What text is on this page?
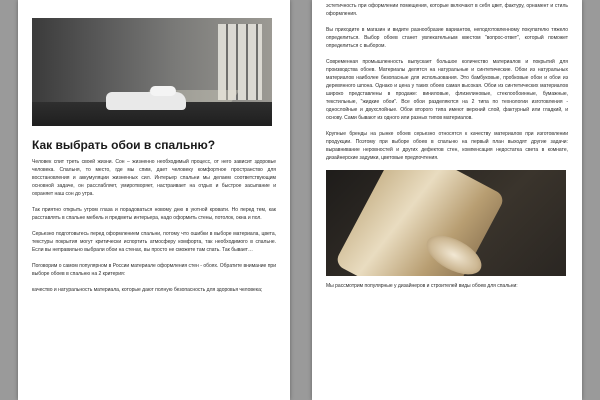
Как выбрать обои в спальню?

Человек спит треть своей жизни. Сон – жизненно необходимый процесс, от него зависит здоровье человека. Спальня, то место, где мы спим, дает человеку комфортное пространство для восстановления и аккумуляции жизненных сил. Интерьер спальни мы делаем соответствующим основной задаче, он расслабляет, умиротворяет, настраивает на отдых и быстрое засыпание и охраняет наш сон до утра.

Так приятно открыть утром глаза и порадоваться новому дню в уютной кровати. Но перед тем, как расставлять в спальне мебель и предметы интерьера, надо оформить стены, потолок, окна и пол.

Серьезно подготовьтесь перед оформлением спальни, потому что ошибки в выборе материала, цвета, текстуры покрытия могут критически испортить атмосферу комфорта, так необходимого в спальне. Если вы неправильно выбрали обои на стенах, вы просто не сможете там спать. Так бывает…

Поговорим о самом популярном в России материале оформления стен - обоях. Обратите внимание при выборе обоев в спальню на 2 критерия:

качество и натуральность материала, которые дают полную безопасность для здоровья человека;

эстетичность при оформлении помещения, которые включают в себя цвет, фактуру, орнамент и стиль оформления.

Вы приходите в магазин и видите разнообразие вариантов, неподготовленному покупателю тяжело определиться. Выбор обоев станет увлекательным квестом "вопрос-ответ", который поможет определиться с выбором.

Современная промышленность выпускает большое количество материалов и покрытий для производства обоев. Материалы делятся на натуральные и синтетические. Обои из натуральных материалов наиболее безопасные для использования. Это бамбуковые, пробковые обои и обои из деревянного шпона. Однако и цена у таких обоев самая высокая. Обои из синтетических материалов широко представлены в продаже: виниловые, флизелиновые, стеклообоинные, бумажные, текстильные, "жидкие обои". Все обои разделяются на 2 типа по технологии изготовления - однослойные и двухслойные. Обои второго типа имеют верхний слой, фактурный или гладкий, и основу. Сами бывают из одного или разных типов материалов.

Крупные бренды на рынке обоев серьезно относятся к качеству материалов при изготовлении продукции. Поэтому при выборе обоев в спальню на первый план выходят другие задачи: выравнивание неровностей и других дефектов стен, компенсация недостатка света в комнате, дизайнерские задумки, цветовые предпочтения.

Мы рассмотрим популярные у дизайнеров и строителей виды обоев для спальни:
